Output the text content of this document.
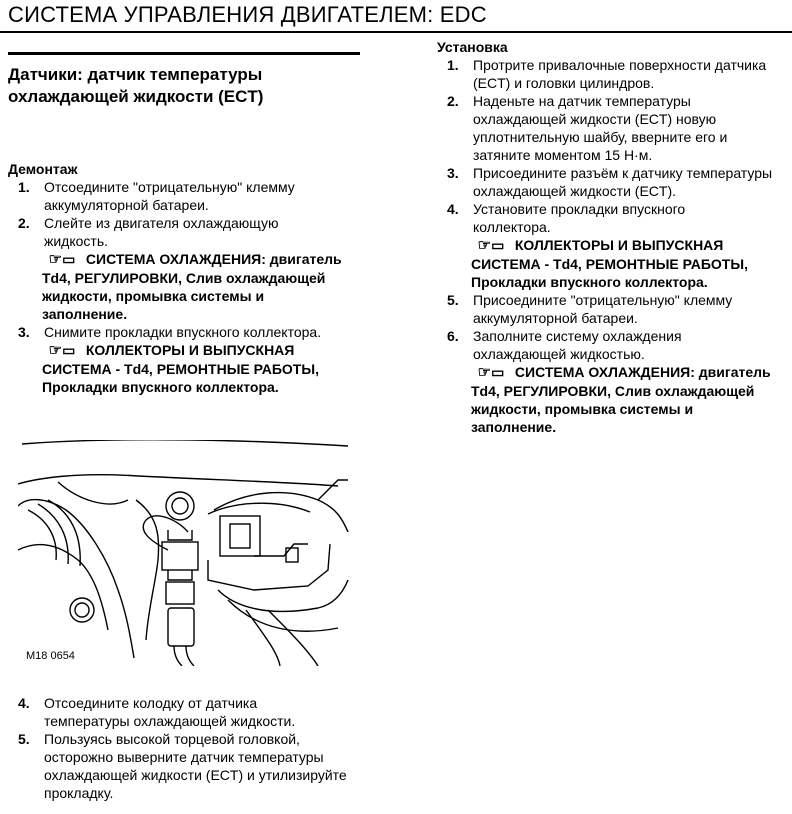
СИСТЕМА УПРАВЛЕНИЯ ДВИГАТЕЛЕМ: EDC
Датчики: датчик температуры охлаждающей жидкости (ECT)
Демонтаж
1.	Отсоедините "отрицательную" клемму аккумуляторной батареи.
2.	Слейте из двигателя охлаждающую жидкость.
☞▭ СИСТЕМА ОХЛАЖДЕНИЯ: двигатель Td4, РЕГУЛИРОВКИ, Слив охлаждающей жидкости, промывка системы и заполнение.
3.	Снимите прокладки впускного коллектора.
☞▭ КОЛЛЕКТОРЫ И ВЫПУСКНАЯ СИСТЕМА - Td4, РЕМОНТНЫЕ РАБОТЫ, Прокладки впускного коллектора.
M18 0654
4.	Отсоедините колодку от датчика температуры охлаждающей жидкости.
5.	Пользуясь высокой торцевой головкой, осторожно выверните датчик температуры охлаждающей жидкости (ECT) и утилизируйте прокладку.
Установка
1.	Протрите привалочные поверхности датчика (ECT) и головки цилиндров.
2.	Наденьте на датчик температуры охлаждающей жидкости (ECT) новую уплотнительную шайбу, вверните его и затяните моментом 15 Н·м.
3.	Присоедините разъём к датчику температуры охлаждающей жидкости (ECT).
4.	Установите прокладки впускного коллектора.
☞▭ КОЛЛЕКТОРЫ И ВЫПУСКНАЯ СИСТЕМА - Td4, РЕМОНТНЫЕ РАБОТЫ, Прокладки впускного коллектора.
5.	Присоедините "отрицательную" клемму аккумуляторной батареи.
6.	Заполните систему охлаждения охлаждающей жидкостью.
☞▭ СИСТЕМА ОХЛАЖДЕНИЯ: двигатель Td4, РЕГУЛИРОВКИ, Слив охлаждающей жидкости, промывка системы и заполнение.
